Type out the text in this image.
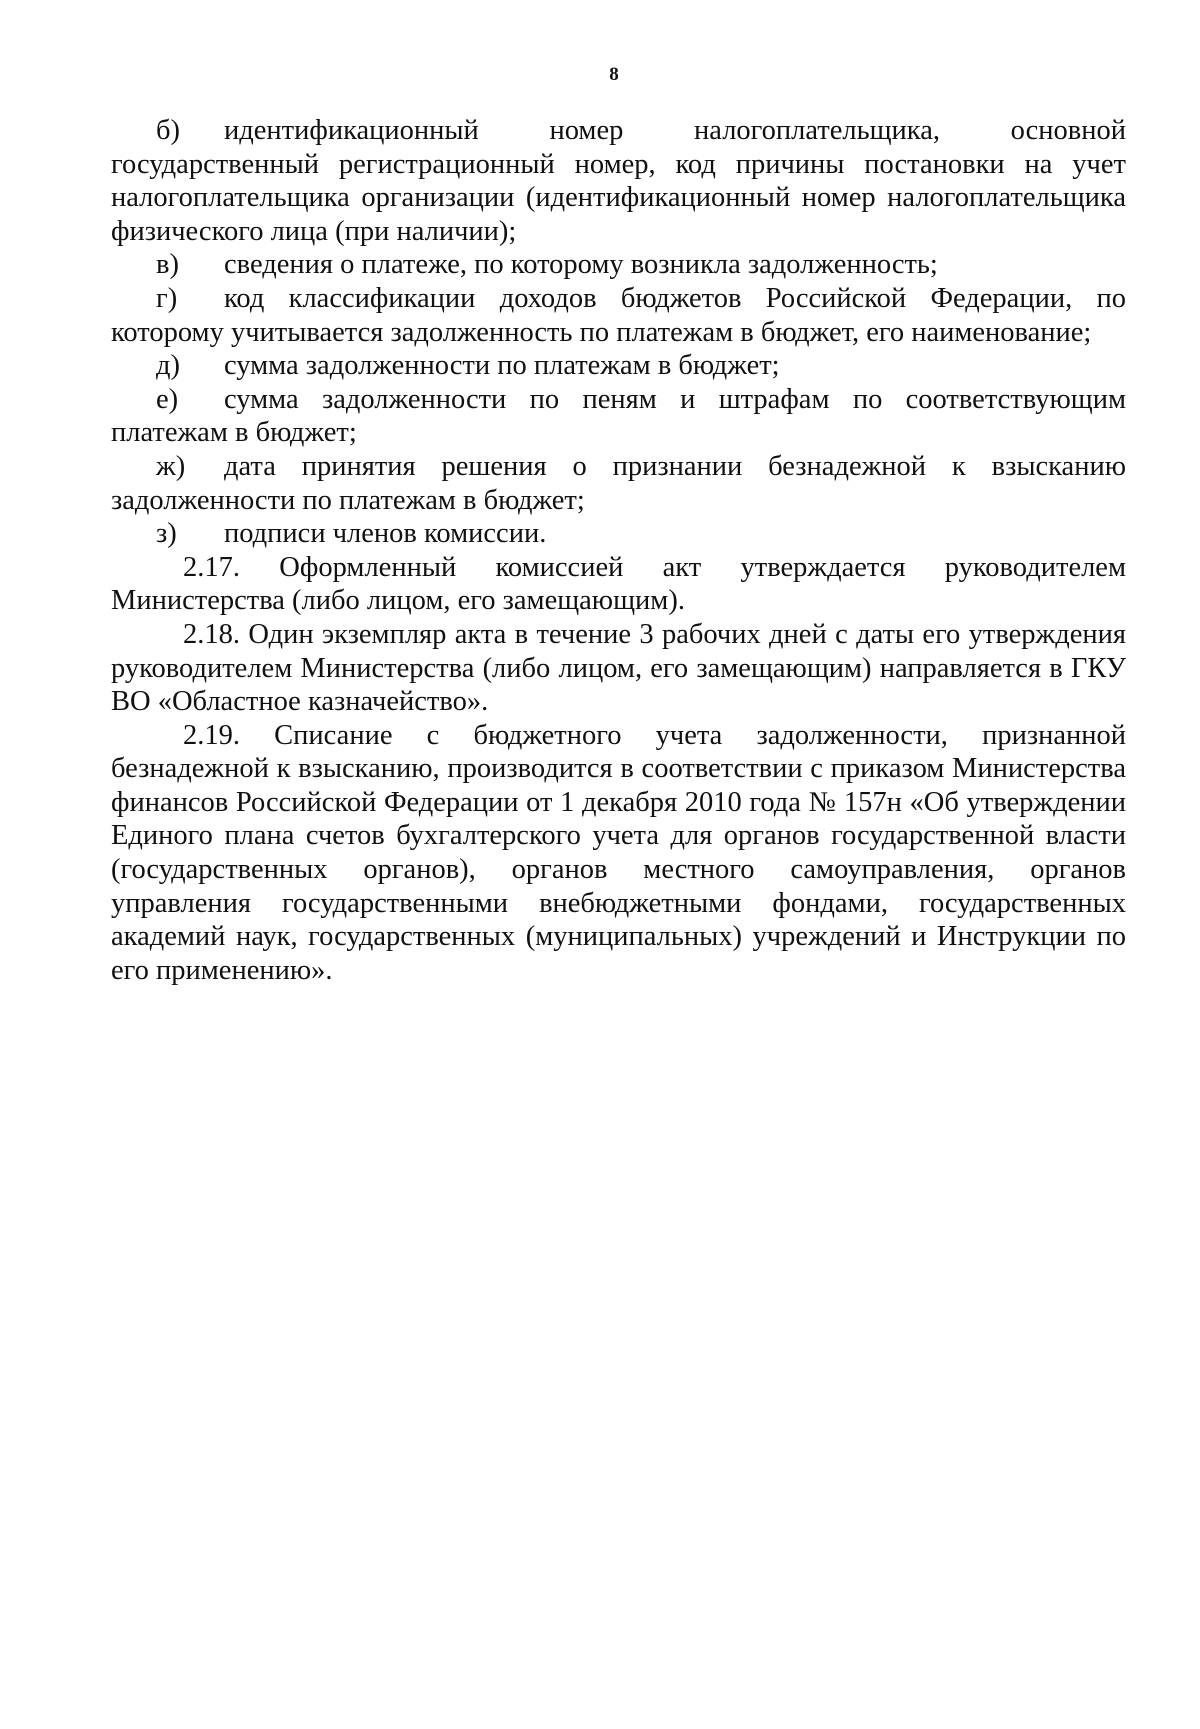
8

б) идентификационный номер налогоплательщика, основной государственный регистрационный номер, код причины постановки на учет налогоплательщика организации (идентификационный номер налогоплательщика физического лица (при наличии);

в) сведения о платеже, по которому возникла задолженность;

г) код классификации доходов бюджетов Российской Федерации, по которому учитывается задолженность по платежам в бюджет, его наименование;

д) сумма задолженности по платежам в бюджет;

е) сумма задолженности по пеням и штрафам по соответствующим платежам в бюджет;

ж) дата принятия решения о признании безнадежной к взысканию задолженности по платежам в бюджет;

з) подписи членов комиссии.

2.17. Оформленный комиссией акт утверждается руководителем Министерства (либо лицом, его замещающим).

2.18. Один экземпляр акта в течение 3 рабочих дней с даты его утверждения руководителем Министерства (либо лицом, его замещающим) направляется в ГКУ ВО «Областное казначейство».

2.19. Списание с бюджетного учета задолженности, признанной безнадежной к взысканию, производится в соответствии с приказом Министерства финансов Российской Федерации от 1 декабря 2010 года № 157н «Об утверждении Единого плана счетов бухгалтерского учета для органов государственной власти (государственных органов), органов местного самоуправления, органов управления государственными внебюджетными фондами, государственных академий наук, государственных (муниципальных) учреждений и Инструкции по его применению».
